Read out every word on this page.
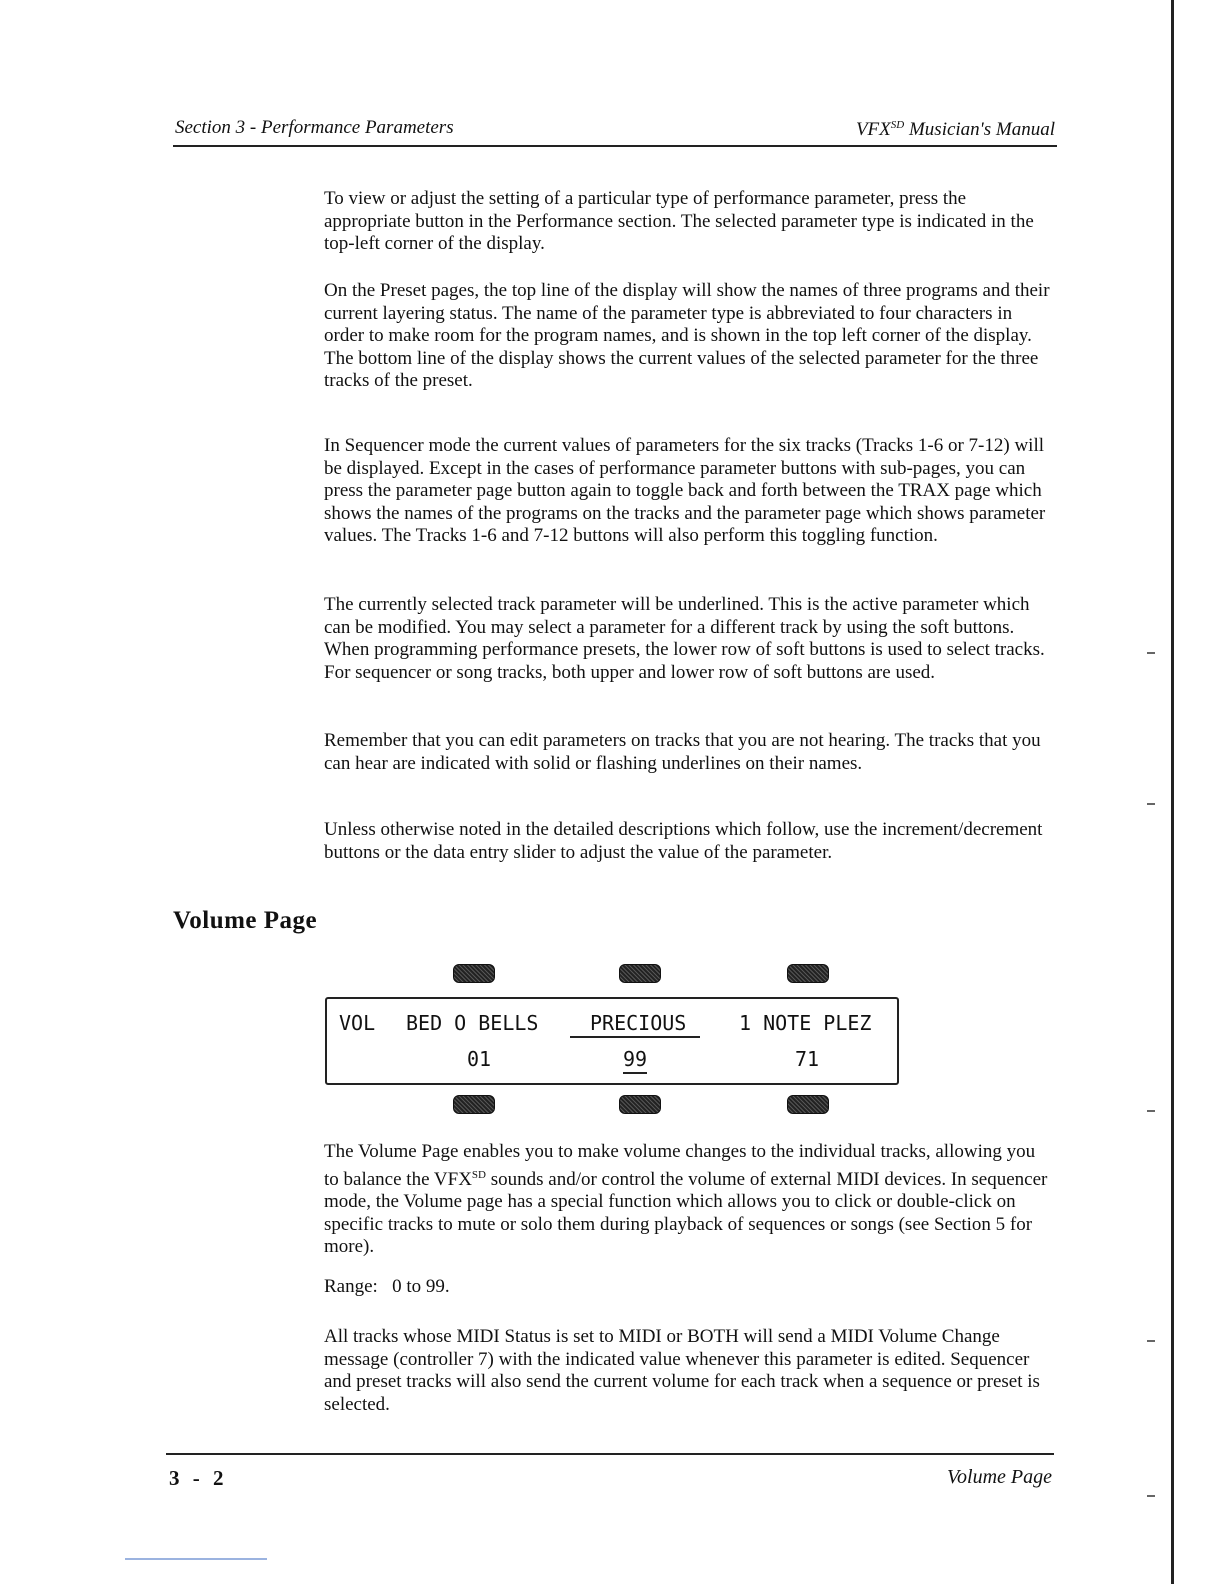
Section 3 - Performance Parameters	$VFX^{SD}$ Musician's Manual

To view or adjust the setting of a particular type of performance parameter, press the appropriate button in the Performance section. The selected parameter type is indicated in the top-left corner of the display.

On the Preset pages, the top line of the display will show the names of three programs and their current layering status. The name of the parameter type is abbreviated to four characters in order to make room for the program names, and is shown in the top left corner of the display. The bottom line of the display shows the current values of the selected parameter for the three tracks of the preset.

In Sequencer mode the current values of parameters for the six tracks (Tracks 1-6 or 7-12) will be displayed. Except in the cases of performance parameter buttons with sub-pages, you can press the parameter page button again to toggle back and forth between the TRAX page which shows the names of the programs on the tracks and the parameter page which shows parameter values. The Tracks 1-6 and 7-12 buttons will also perform this toggling function.

The currently selected track parameter will be underlined. This is the active parameter which can be modified. You may select a parameter for a different track by using the soft buttons. When programming performance presets, the lower row of soft buttons is used to select tracks. For sequencer or song tracks, both upper and lower row of soft buttons are used.

Remember that you can edit parameters on tracks that you are not hearing. The tracks that you can hear are indicated with solid or flashing underlines on their names.

Unless otherwise noted in the detailed descriptions which follow, use the increment/decrement buttons or the data entry slider to adjust the value of the parameter.

Volume Page
VOL BED O BELLS	PRECIOUS	1 NOTE PLEZ
01	99	71

The Volume Page enables you to make volume changes to the individual tracks, allowing you to balance the $VFX^{SD}$ sounds and/or control the volume of external MIDI devices. In sequencer mode, the Volume page has a special function which allows you to click or double-click on specific tracks to mute or solo them during playback of sequences or songs (see Section 5 for more).

Range:   0 to 99.

All tracks whose MIDI Status is set to MIDI or BOTH will send a MIDI Volume Change message (controller 7) with the indicated value whenever this parameter is edited. Sequencer and preset tracks will also send the current volume for each track when a sequence or preset is selected.

3 - 2	Volume Page
